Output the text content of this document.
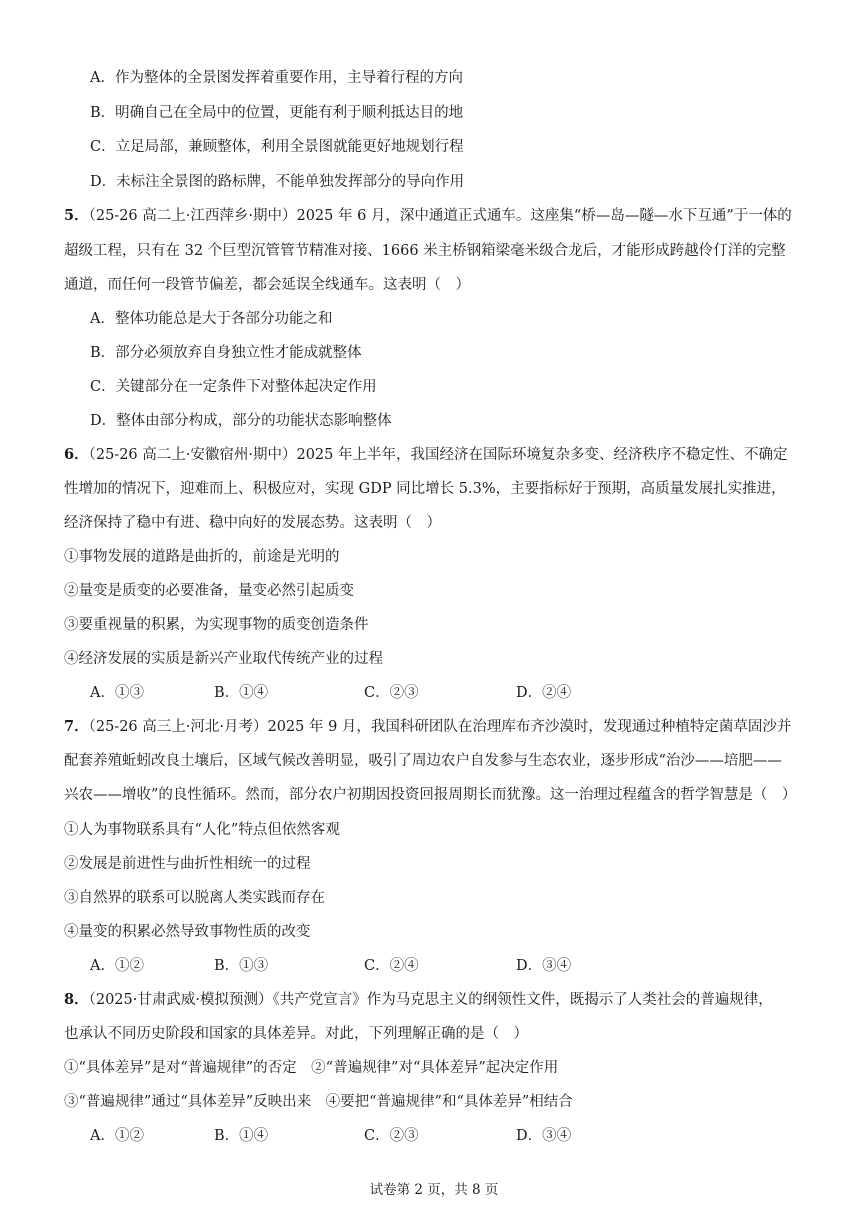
A．作为整体的全景图发挥着重要作用，主导着行程的方向
B．明确自己在全局中的位置，更能有利于顺利抵达目的地
C．立足局部，兼顾整体，利用全景图就能更好地规划行程
D．未标注全景图的路标牌，不能单独发挥部分的导向作用
5．（25-26 高二上·江西萍乡·期中）2025 年 6 月，深中通道正式通车。这座集“桥—岛—隧—水下互通”于一体的
超级工程，只有在 32 个巨型沉管管节精准对接、1666 米主桥钢箱梁毫米级合龙后，才能形成跨越伶仃洋的完整
通道，而任何一段管节偏差，都会延误全线通车。这表明（　）
A．整体功能总是大于各部分功能之和
B．部分必须放弃自身独立性才能成就整体
C．关键部分在一定条件下对整体起决定作用
D．整体由部分构成，部分的功能状态影响整体
6．（25-26 高二上·安徽宿州·期中）2025 年上半年，我国经济在国际环境复杂多变、经济秩序不稳定性、不确定
性增加的情况下，迎难而上、积极应对，实现 GDP 同比增长 5.3%，主要指标好于预期，高质量发展扎实推进，
经济保持了稳中有进、稳中向好的发展态势。这表明（　）
①事物发展的道路是曲折的，前途是光明的
②量变是质变的必要准备，量变必然引起质变
③要重视量的积累，为实现事物的质变创造条件
④经济发展的实质是新兴产业取代传统产业的过程
A．①③	B．①④	C．②③	D．②④
7．（25-26 高三上·河北·月考）2025 年 9 月，我国科研团队在治理库布齐沙漠时，发现通过种植特定菌草固沙并
配套养殖蚯蚓改良土壤后，区域气候改善明显，吸引了周边农户自发参与生态农业，逐步形成“治沙——培肥——
兴农——增收”的良性循环。然而，部分农户初期因投资回报周期长而犹豫。这一治理过程蕴含的哲学智慧是（　）
①人为事物联系具有“人化”特点但依然客观
②发展是前进性与曲折性相统一的过程
③自然界的联系可以脱离人类实践而存在
④量变的积累必然导致事物性质的改变
A．①②	B．①③	C．②④	D．③④
8．（2025·甘肃武威·模拟预测）《共产党宣言》作为马克思主义的纲领性文件，既揭示了人类社会的普遍规律，
也承认不同历史阶段和国家的具体差异。对此，下列理解正确的是（　）
①“具体差异”是对“普遍规律”的否定　②“普遍规律”对“具体差异”起决定作用
③“普遍规律”通过“具体差异”反映出来　④要把“普遍规律”和“具体差异”相结合
A．①②	B．①④	C．②③	D．③④
试卷第 2 页，共 8 页
